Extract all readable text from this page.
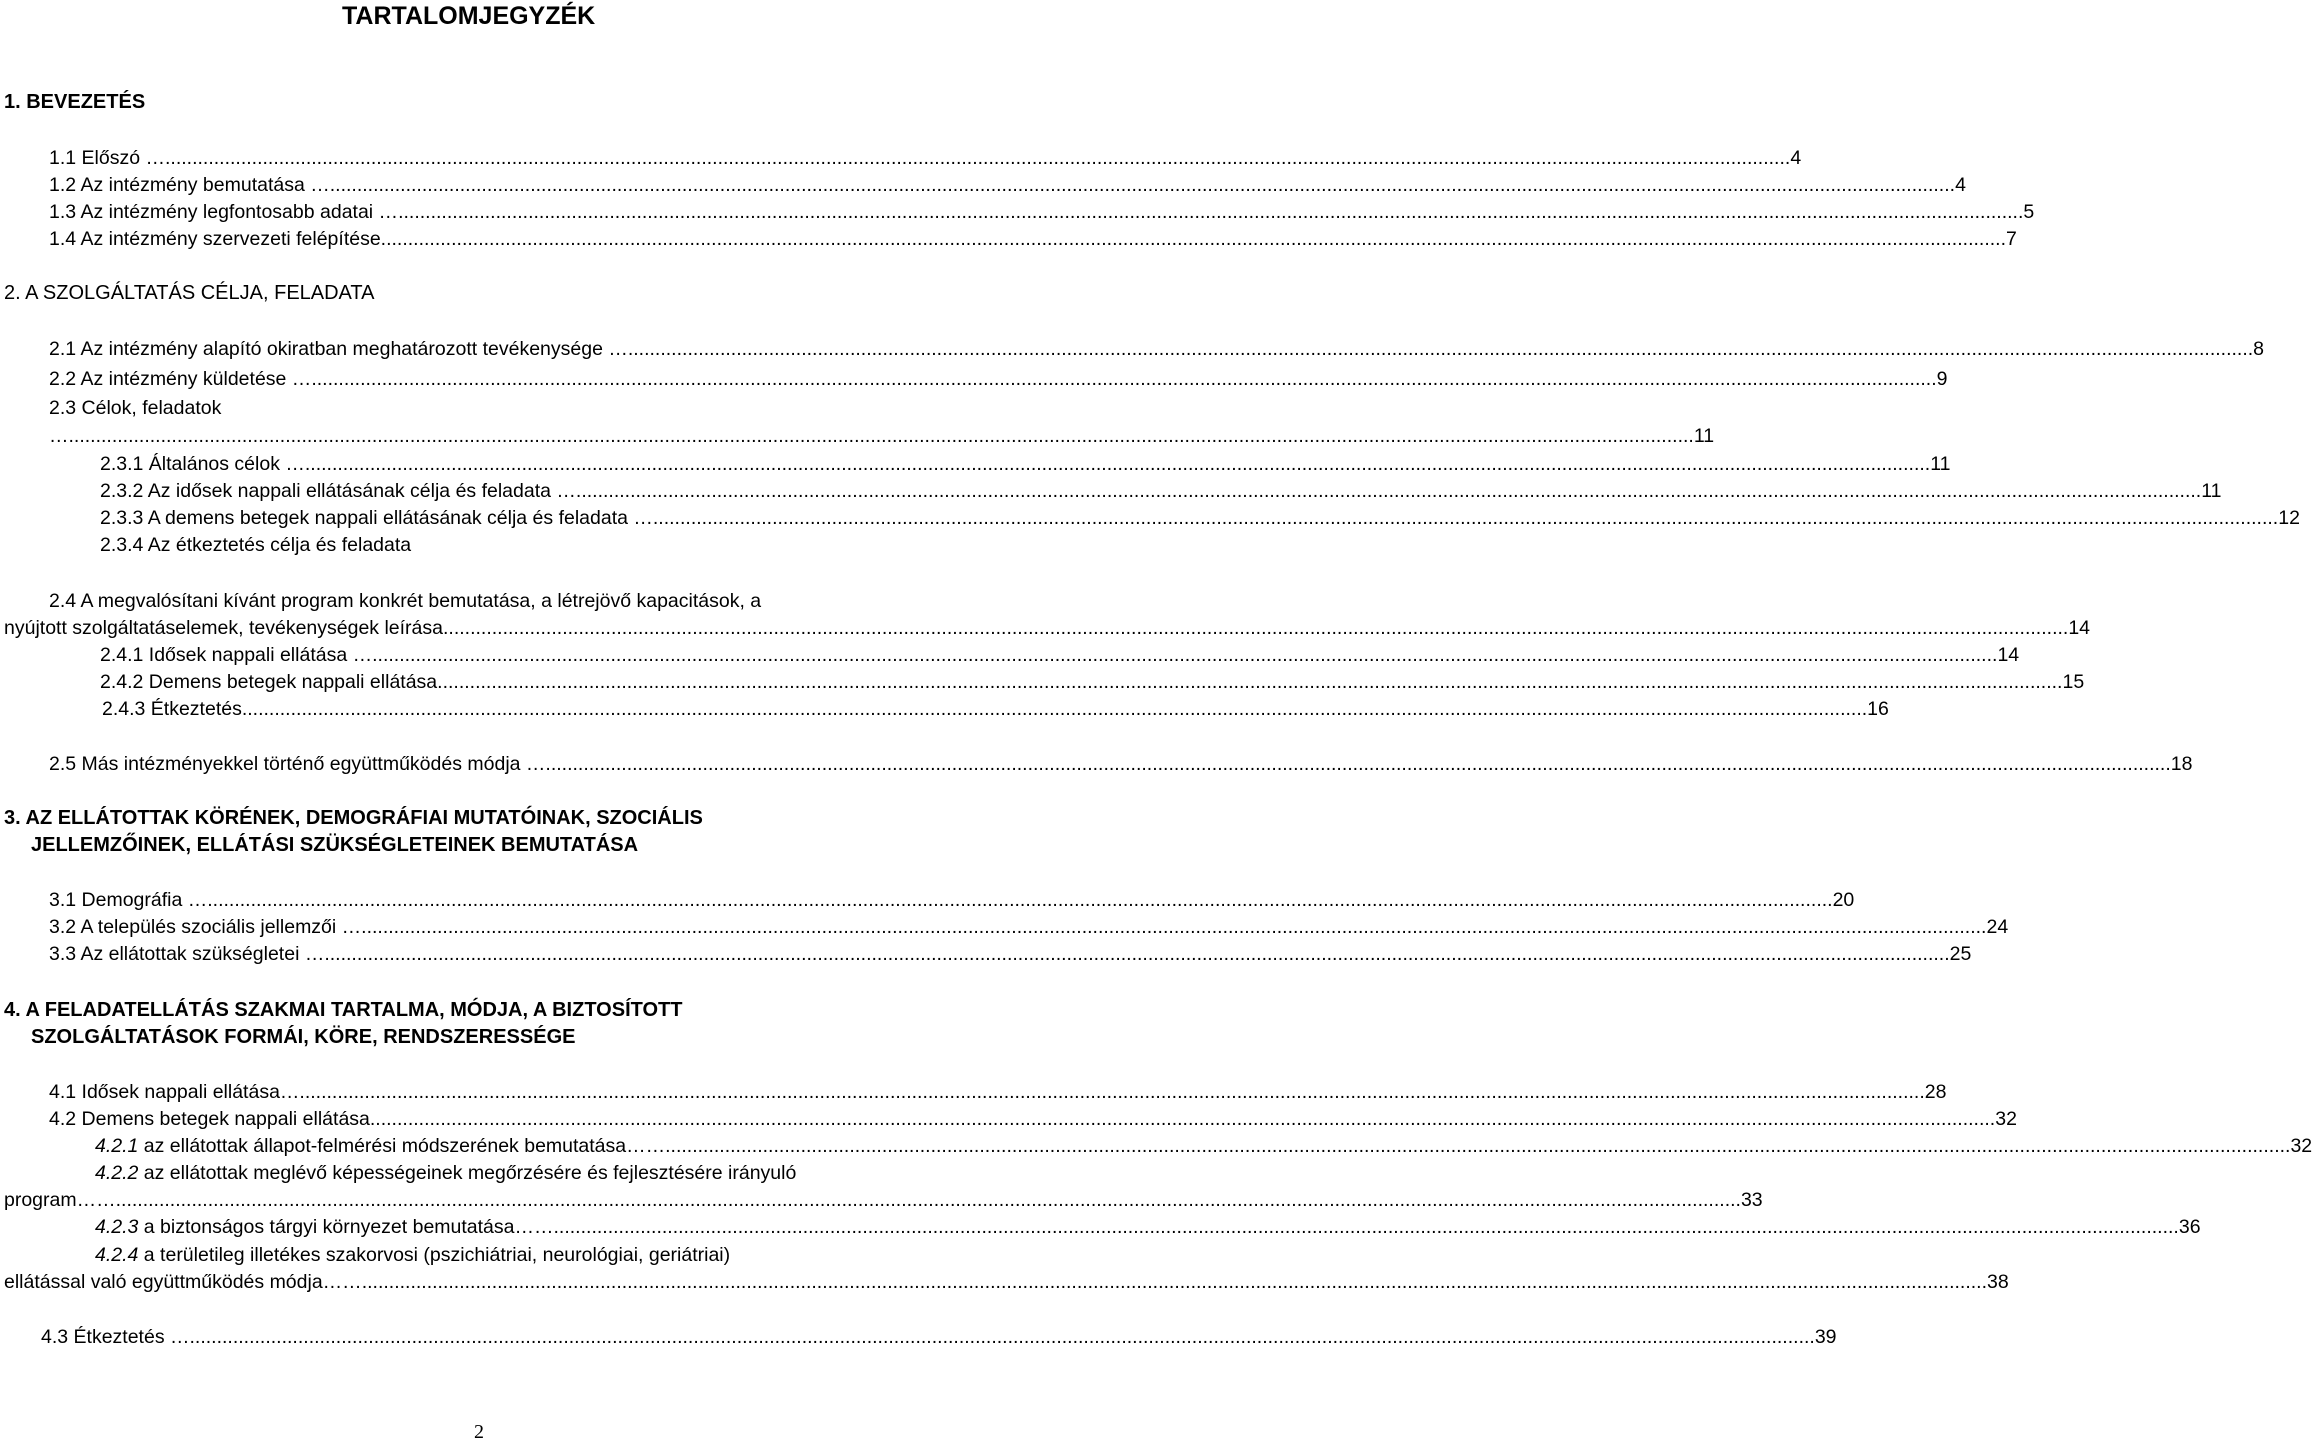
TARTALOMJEGYZÉK
1. BEVEZETÉS
1.1 Előszó … ............................................................................................................................................................................................................................................................................................................ 4
1.2 Az intézmény bemutatása … ............................................................................................................................................................................................................................................................................................................ 4
1.3 Az intézmény legfontosabb adatai … ............................................................................................................................................................................................................................................................................................................ 5
1.4 Az intézmény szervezeti felépítése ............................................................................................................................................................................................................................................................................................................ 7
2. A SZOLGÁLTATÁS CÉLJA, FELADATA
2.1 Az intézmény alapító okiratban meghatározott tevékenysége … ............................................................................................................................................................................................................................................................................................................ 8
2.2 Az intézmény küldetése … ............................................................................................................................................................................................................................................................................................................ 9
2.3 Célok, feladatok
… ............................................................................................................................................................................................................................................................................................................ 11
2.3.1 Általános célok … ............................................................................................................................................................................................................................................................................................................ 11
2.3.2 Az idősek nappali ellátásának célja és feladata … ............................................................................................................................................................................................................................................................................................................ 11
2.3.3 A demens betegek nappali ellátásának célja és feladata … ............................................................................................................................................................................................................................................................................................................ 12
2.3.4 Az étkeztetés célja és feladata
2.4 A megvalósítani kívánt program konkrét bemutatása, a létrejövő kapacitások, a
nyújtott szolgáltatáselemek, tevékenységek leírása ............................................................................................................................................................................................................................................................................................................ 14
2.4.1 Idősek nappali ellátása … ............................................................................................................................................................................................................................................................................................................ 14
2.4.2 Demens betegek nappali ellátása ............................................................................................................................................................................................................................................................................................................ 15
2.4.3 Étkeztetés ............................................................................................................................................................................................................................................................................................................ 16
2.5 Más intézményekkel történő együttműködés módja … ............................................................................................................................................................................................................................................................................................................ 18
3. AZ ELLÁTOTTAK KÖRÉNEK, DEMOGRÁFIAI MUTATÓINAK, SZOCIÁLIS
JELLEMZŐINEK, ELLÁTÁSI SZÜKSÉGLETEINEK BEMUTATÁSA
3.1 Demográfia … ............................................................................................................................................................................................................................................................................................................ 20
3.2 A település szociális jellemzői … ............................................................................................................................................................................................................................................................................................................ 24
3.3 Az ellátottak szükségletei … ............................................................................................................................................................................................................................................................................................................ 25
4. A FELADATELLÁTÁS SZAKMAI TARTALMA, MÓDJA, A BIZTOSÍTOTT
SZOLGÁLTATÁSOK FORMÁI, KÖRE, RENDSZERESSÉGE
4.1 Idősek nappali ellátása… ............................................................................................................................................................................................................................................................................................................ 28
4.2 Demens betegek nappali ellátása ............................................................................................................................................................................................................................................................................................................ 32
4.2.1 az ellátottak állapot-felmérési módszerének bemutatása…… ............................................................................................................................................................................................................................................................................................................ 32
4.2.2 az ellátottak meglévő képességeinek megőrzésére és fejlesztésére irányuló
program…… ............................................................................................................................................................................................................................................................................................................ 33
4.2.3 a biztonságos tárgyi környezet bemutatása…… ............................................................................................................................................................................................................................................................................................................ 36
4.2.4 a területileg illetékes szakorvosi (pszichiátriai, neurológiai, geriátriai)
ellátással való együttműködés módja…… ............................................................................................................................................................................................................................................................................................................ 38
4.3 Étkeztetés … ............................................................................................................................................................................................................................................................................................................ 39
2
